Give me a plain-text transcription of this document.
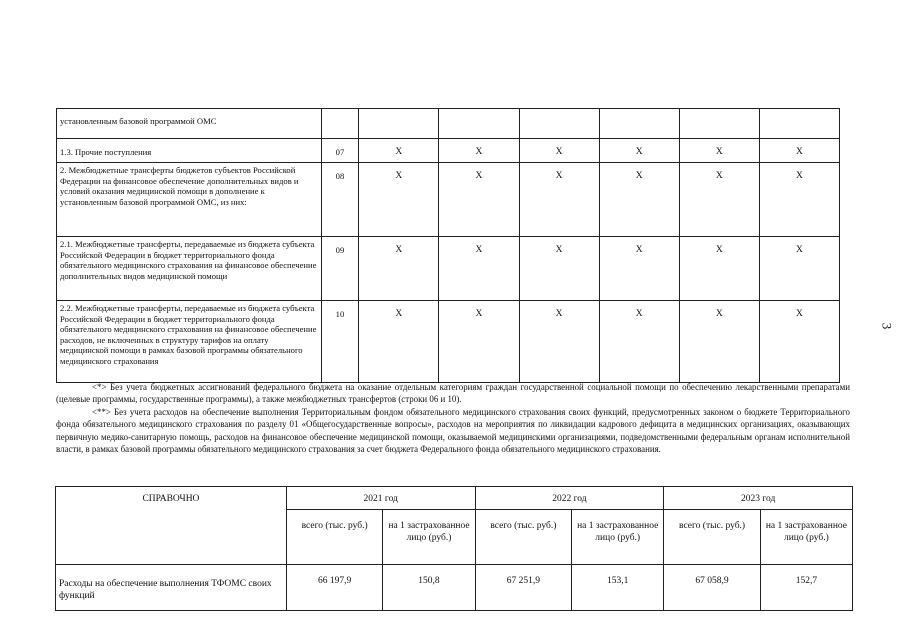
3
установленным базовой программой ОМС							
1.3. Прочие поступления	07	X	X	X	X	X	X
2. Межбюджетные трансферты бюджетов субъектов Российской Федерации на финансовое обеспечение дополнительных видов и условий оказания медицинской помощи в дополнение к установленным базовой программой ОМС, из них:	08	X	X	X	X	X	X
2.1. Межбюджетные трансферты, передаваемые из бюджета субъекта Российской Федерации в бюджет территориального фонда обязательного медицинского страхования на финансовое обеспечение дополнительных видов медицинской помощи	09	X	X	X	X	X	X
2.2. Межбюджетные трансферты, передаваемые из бюджета субъекта Российской Федерации в бюджет территориального фонда обязательного медицинского страхования на финансовое обеспечение расходов, не включенных в структуру тарифов на оплату медицинской помощи в рамках базовой программы обязательного медицинского страхования	10	X	X	X	X	X	X

<*> Без учета бюджетных ассигнований федерального бюджета на оказание отдельным категориям граждан государственной социальной помощи по обеспечению лекарственными препаратами (целевые программы, государственные программы), а также межбюджетных трансфертов (строки 06 и 10).

<**> Без учета расходов на обеспечение выполнения Территориальным фондом обязательного медицинского страхования своих функций, предусмотренных законом о бюджете Территориального фонда обязательного медицинского страхования по разделу 01 «Общегосударственные вопросы», расходов на мероприятия по ликвидации кадрового дефицита в медицинских организациях, оказывающих первичную медико-санитарную помощь, расходов на финансовое обеспечение медицинской помощи, оказываемой медицинскими организациями, подведомственными федеральным органам исполнительной власти, в рамках базовой программы обязательного медицинского страхования за счет бюджета Федерального фонда обязательного медицинского страхования.

СПРАВОЧНО	2021 год		2022 год		2023 год	
	всего (тыс. руб.)	на 1 застрахованное лицо (руб.)	всего (тыс. руб.)	на 1 застрахованное лицо (руб.)	всего (тыс. руб.)	на 1 застрахованное лицо (руб.)
Расходы на обеспечение выполнения ТФОМС своих функций	66 197,9	150,8	67 251,9	153,1	67 058,9	152,7
